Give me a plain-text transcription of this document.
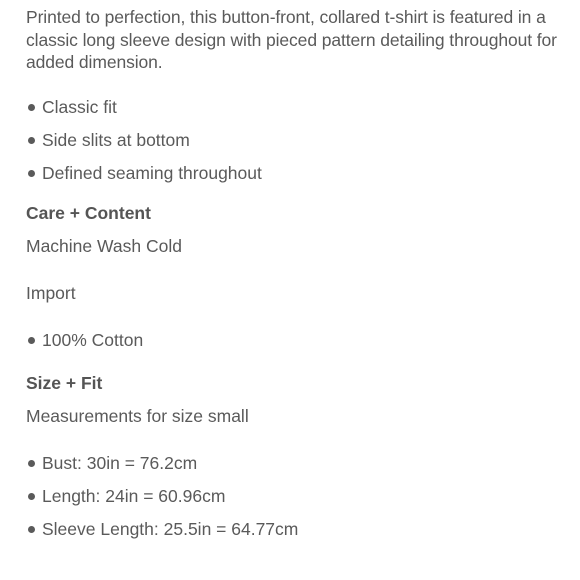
Printed to perfection, this button-front, collared t-shirt is featured in a classic long sleeve design with pieced pattern detailing throughout for added dimension.

Classic fit
Side slits at bottom
Defined seaming throughout

Care + Content

Machine Wash Cold

Import

100% Cotton

Size + Fit

Measurements for size small

Bust: 30in = 76.2cm
Length: 24in = 60.96cm
Sleeve Length: 25.5in = 64.77cm
